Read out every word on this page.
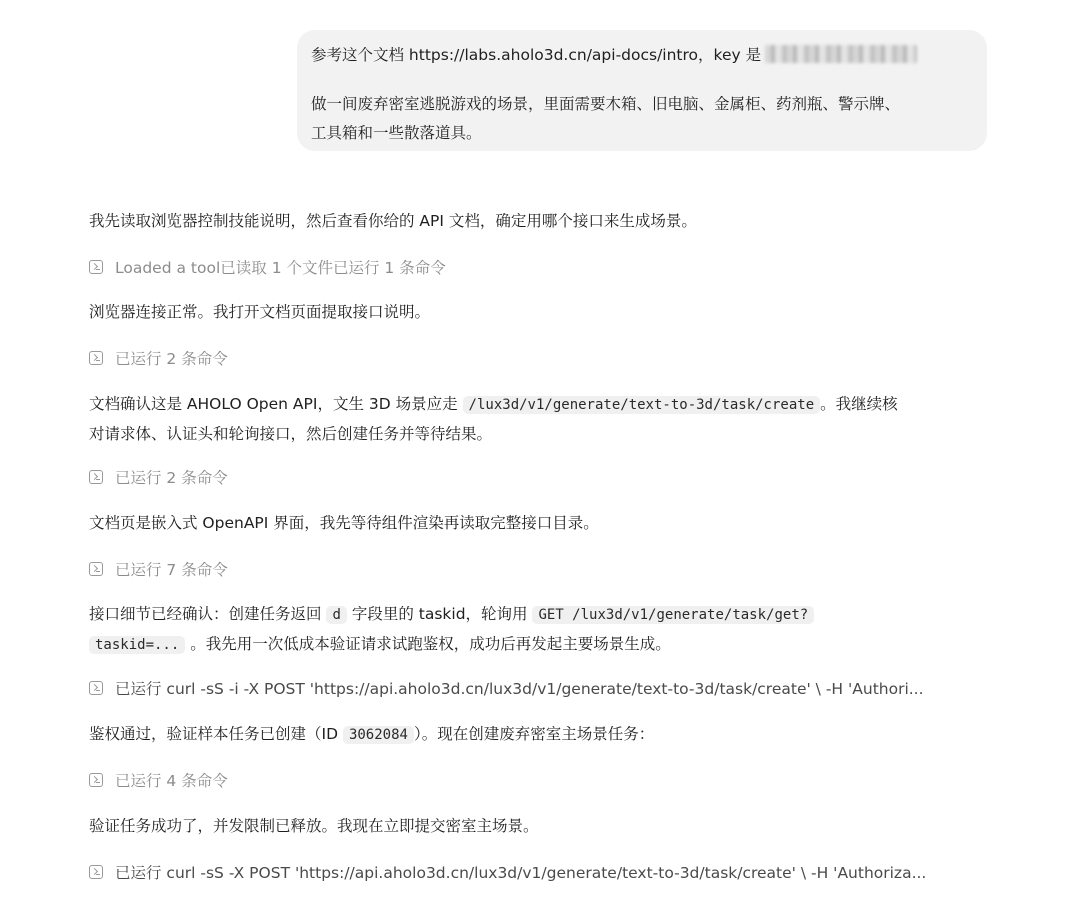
参考这个文档 https://labs.aholo3d.cn/api-docs/intro，key 是

做一间废弃密室逃脱游戏的场景，里面需要木箱、旧电脑、金属柜、药剂瓶、警示牌、

工具箱和一些散落道具。

我先读取浏览器控制技能说明，然后查看你给的 API 文档，确定用哪个接口来生成场景。

Loaded a tool已读取 1 个文件已运行 1 条命令

浏览器连接正常。我打开文档页面提取接口说明。

已运行 2 条命令

文档确认这是 AHOLO Open API，文生 3D 场景应走 /lux3d/v1/generate/text-to-3d/task/create 。我继续核
对请求体、认证头和轮询接口，然后创建任务并等待结果。

已运行 2 条命令

文档页是嵌入式 OpenAPI 界面，我先等待组件渲染再读取完整接口目录。

已运行 7 条命令

接口细节已经确认：创建任务返回 d 字段里的 taskid，轮询用 GET /lux3d/v1/generate/task/get?
taskid=... 。我先用一次低成本验证请求试跑鉴权，成功后再发起主要场景生成。

已运行 curl -sS -i -X POST 'https://api.aholo3d.cn/lux3d/v1/generate/text-to-3d/task/create' \ -H 'Authori...

鉴权通过，验证样本任务已创建（ID 3062084 ）。现在创建废弃密室主场景任务：

已运行 4 条命令

验证任务成功了，并发限制已释放。我现在立即提交密室主场景。

已运行 curl -sS -X POST 'https://api.aholo3d.cn/lux3d/v1/generate/text-to-3d/task/create' \ -H 'Authoriza...
